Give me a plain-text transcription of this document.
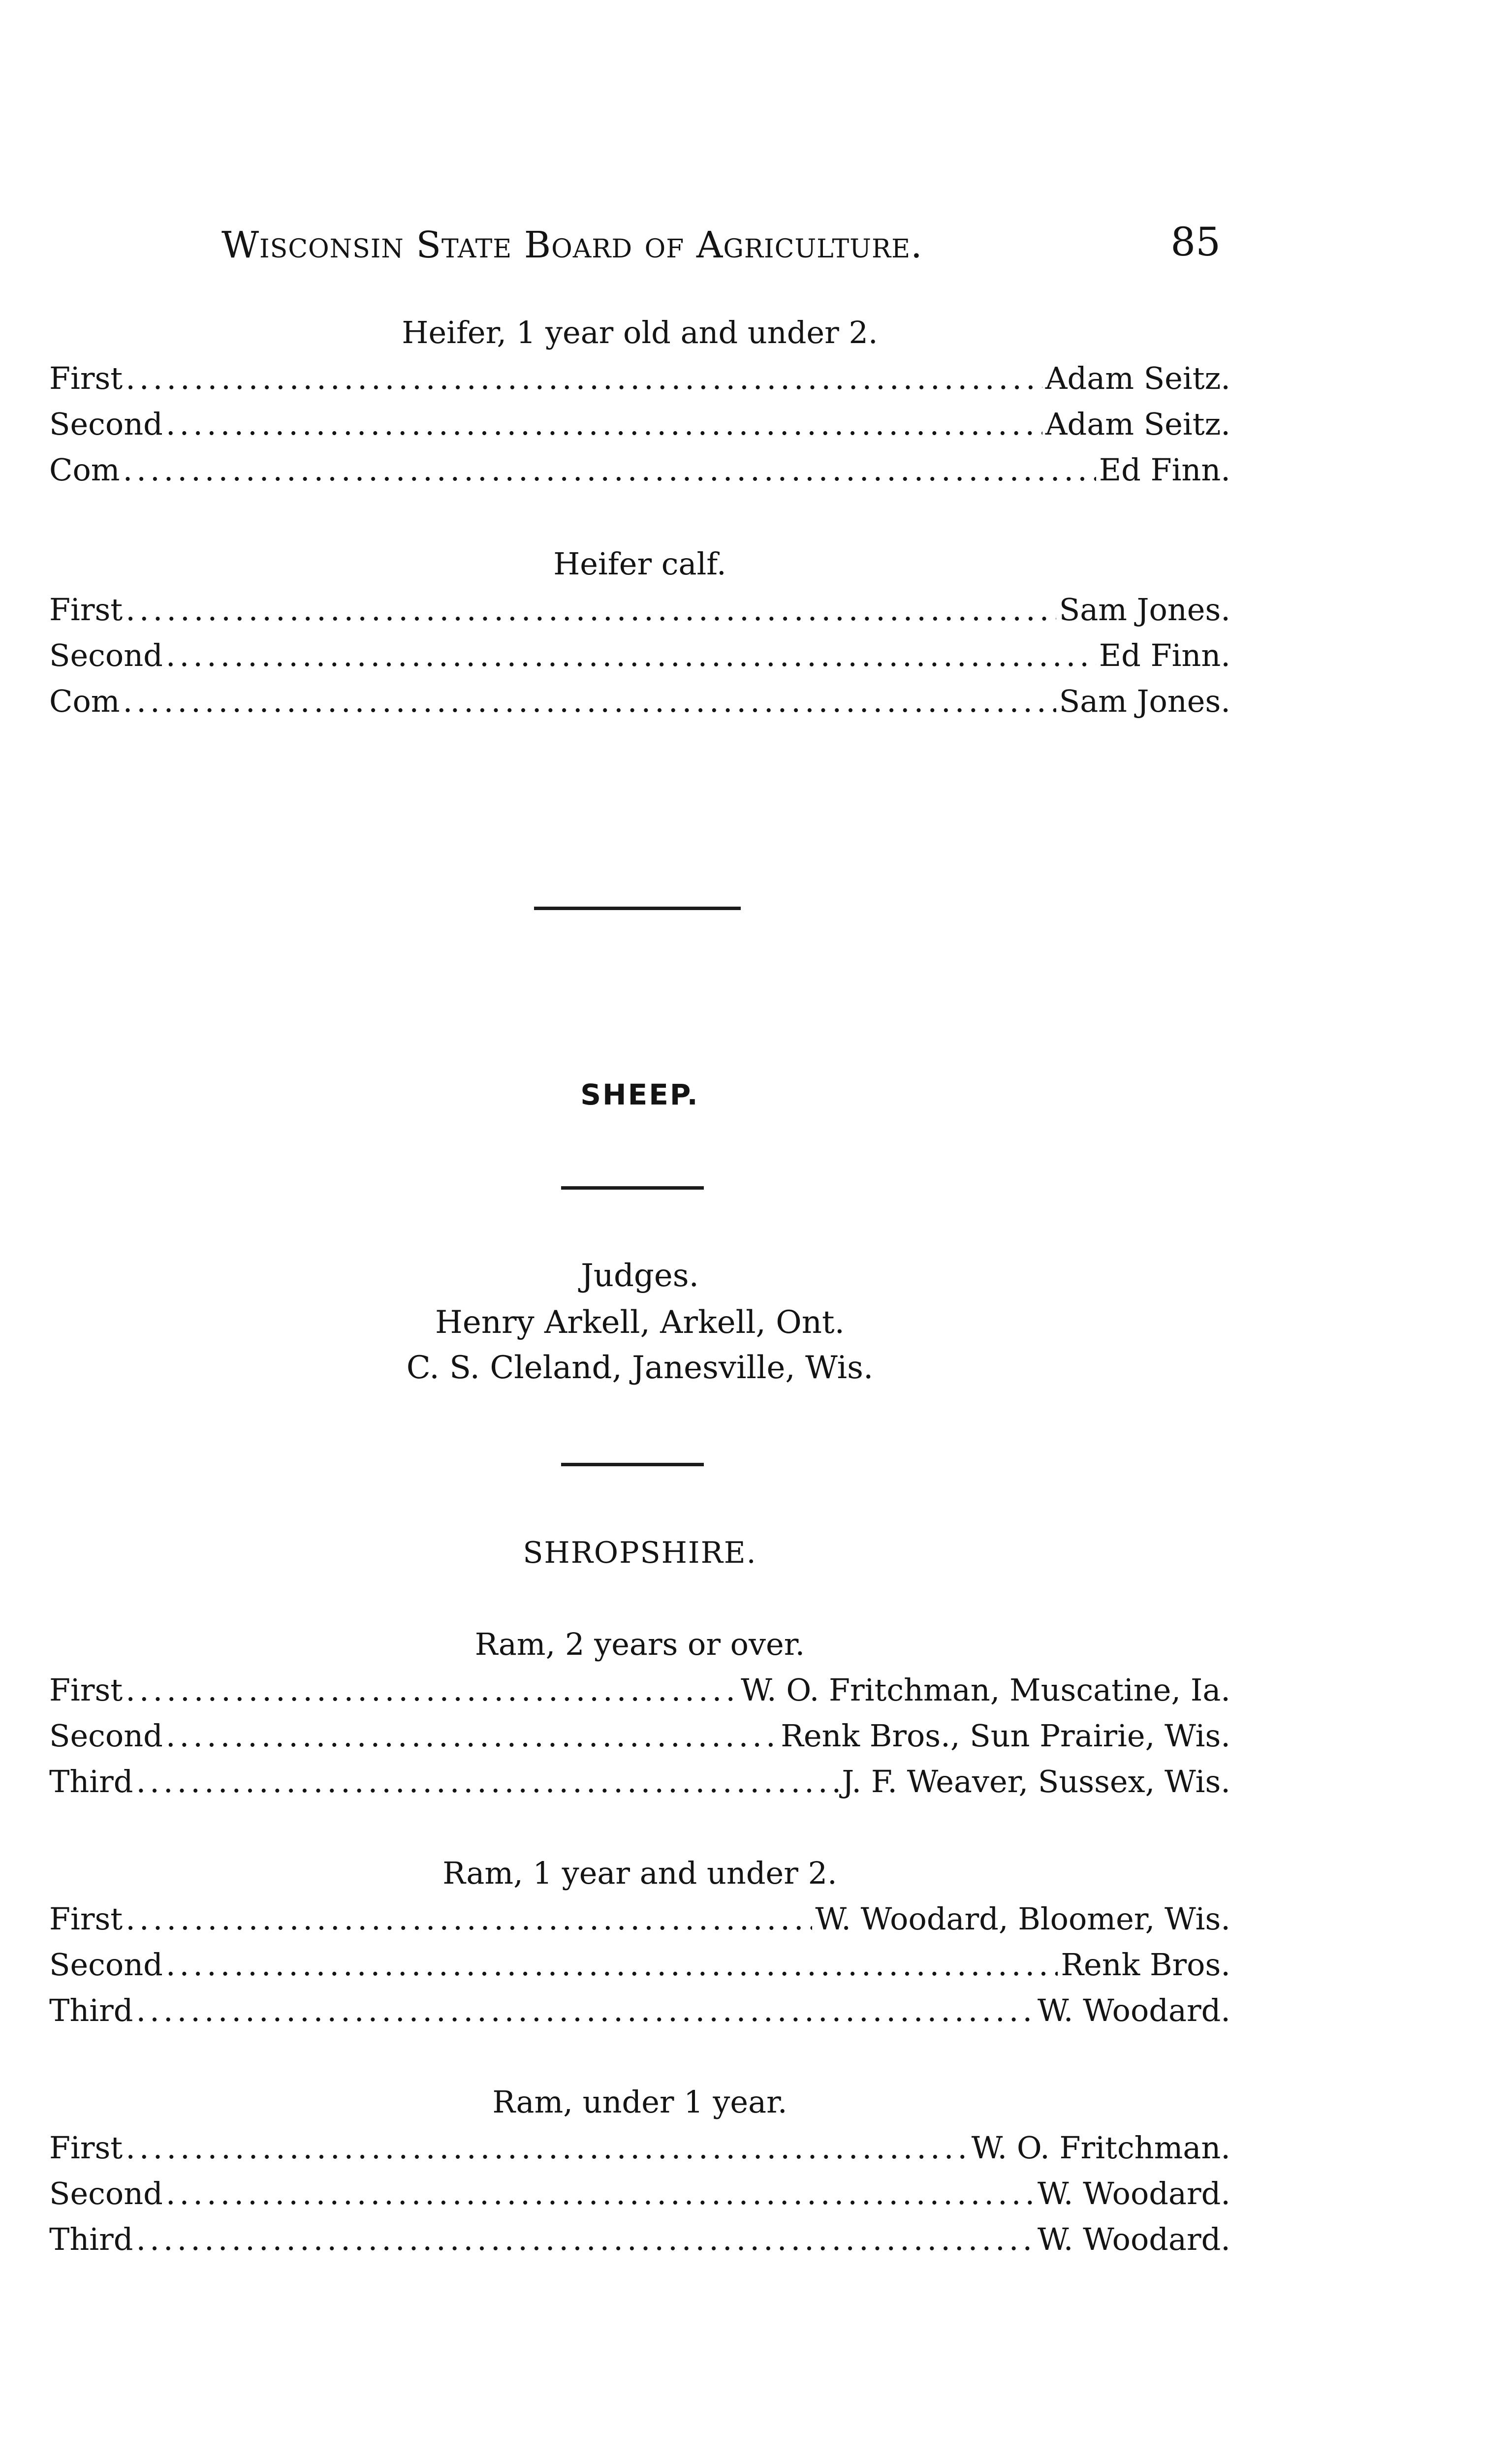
Wisconsin State Board of Agriculture.	85
Heifer, 1 year old and under 2.
First .....	Adam Seitz.
Second .....	Adam Seitz.
Com .....	Ed Finn.
Heifer calf.
First .....	Sam Jones.
Second .....	Ed Finn.
Com .....	Sam Jones.
SHEEP.
Judges.
Henry Arkell, Arkell, Ont.
C. S. Cleland, Janesville, Wis.
SHROPSHIRE.
Ram, 2 years or over.
First .....	W. O. Fritchman, Muscatine, Ia.
Second .....	Renk Bros., Sun Prairie, Wis.
Third .....	J. F. Weaver, Sussex, Wis.
Ram, 1 year and under 2.
First .....	W. Woodard, Bloomer, Wis.
Second .....	Renk Bros.
Third .....	W. Woodard.
Ram, under 1 year.
First .....	W. O. Fritchman.
Second .....	W. Woodard.
Third .....	W. Woodard.
